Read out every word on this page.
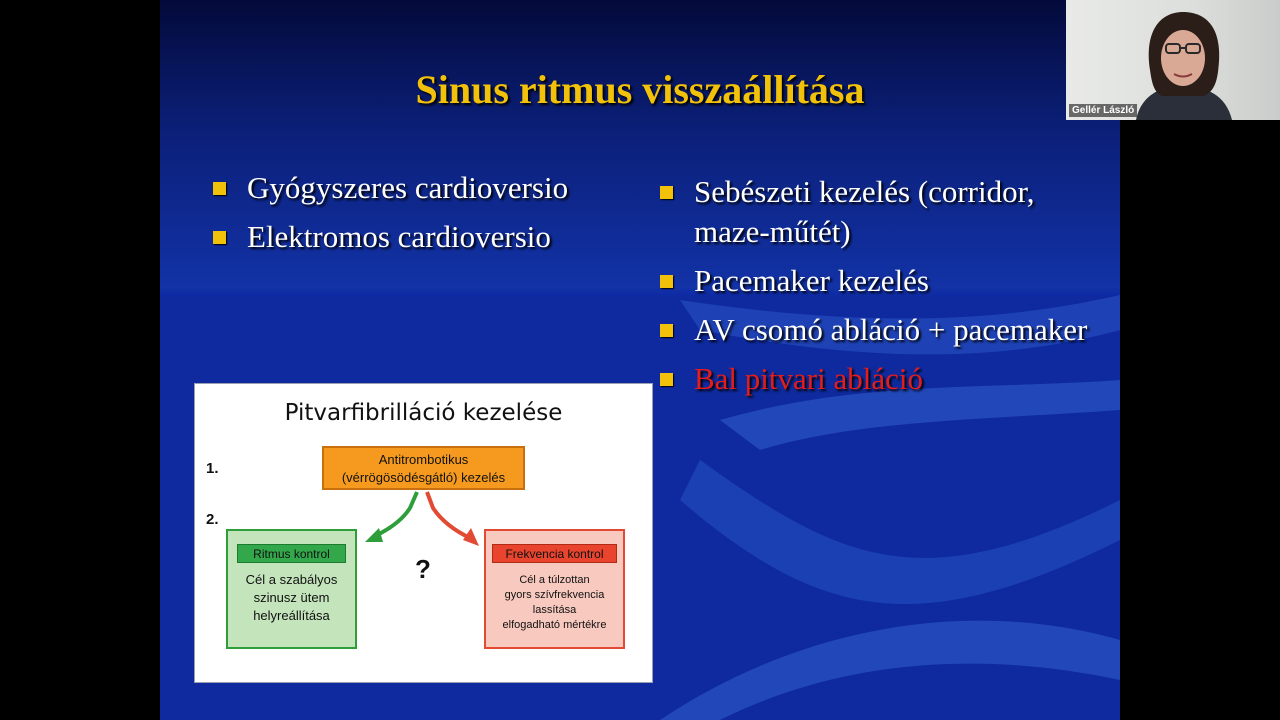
Sinus ritmus visszaállítása
Gyógyszeres cardioversio
Elektromos cardioversio
Sebészeti kezelés (corridor, maze-műtét)
Pacemaker kezelés
AV csomó abláció + pacemaker
Bal pitvari abláció
Pitvarfibrilláció kezelése
1.
2.
Antitrombotikus
(vérrögösödésgátló) kezelés
?
Ritmus kontrol
Cél a szabályos
szinusz ütem
helyreállítása
Frekvencia kontrol
Cél a túlzottan
gyors szívfrekvencia
lassítása
elfogadható mértékre
Gellér László
